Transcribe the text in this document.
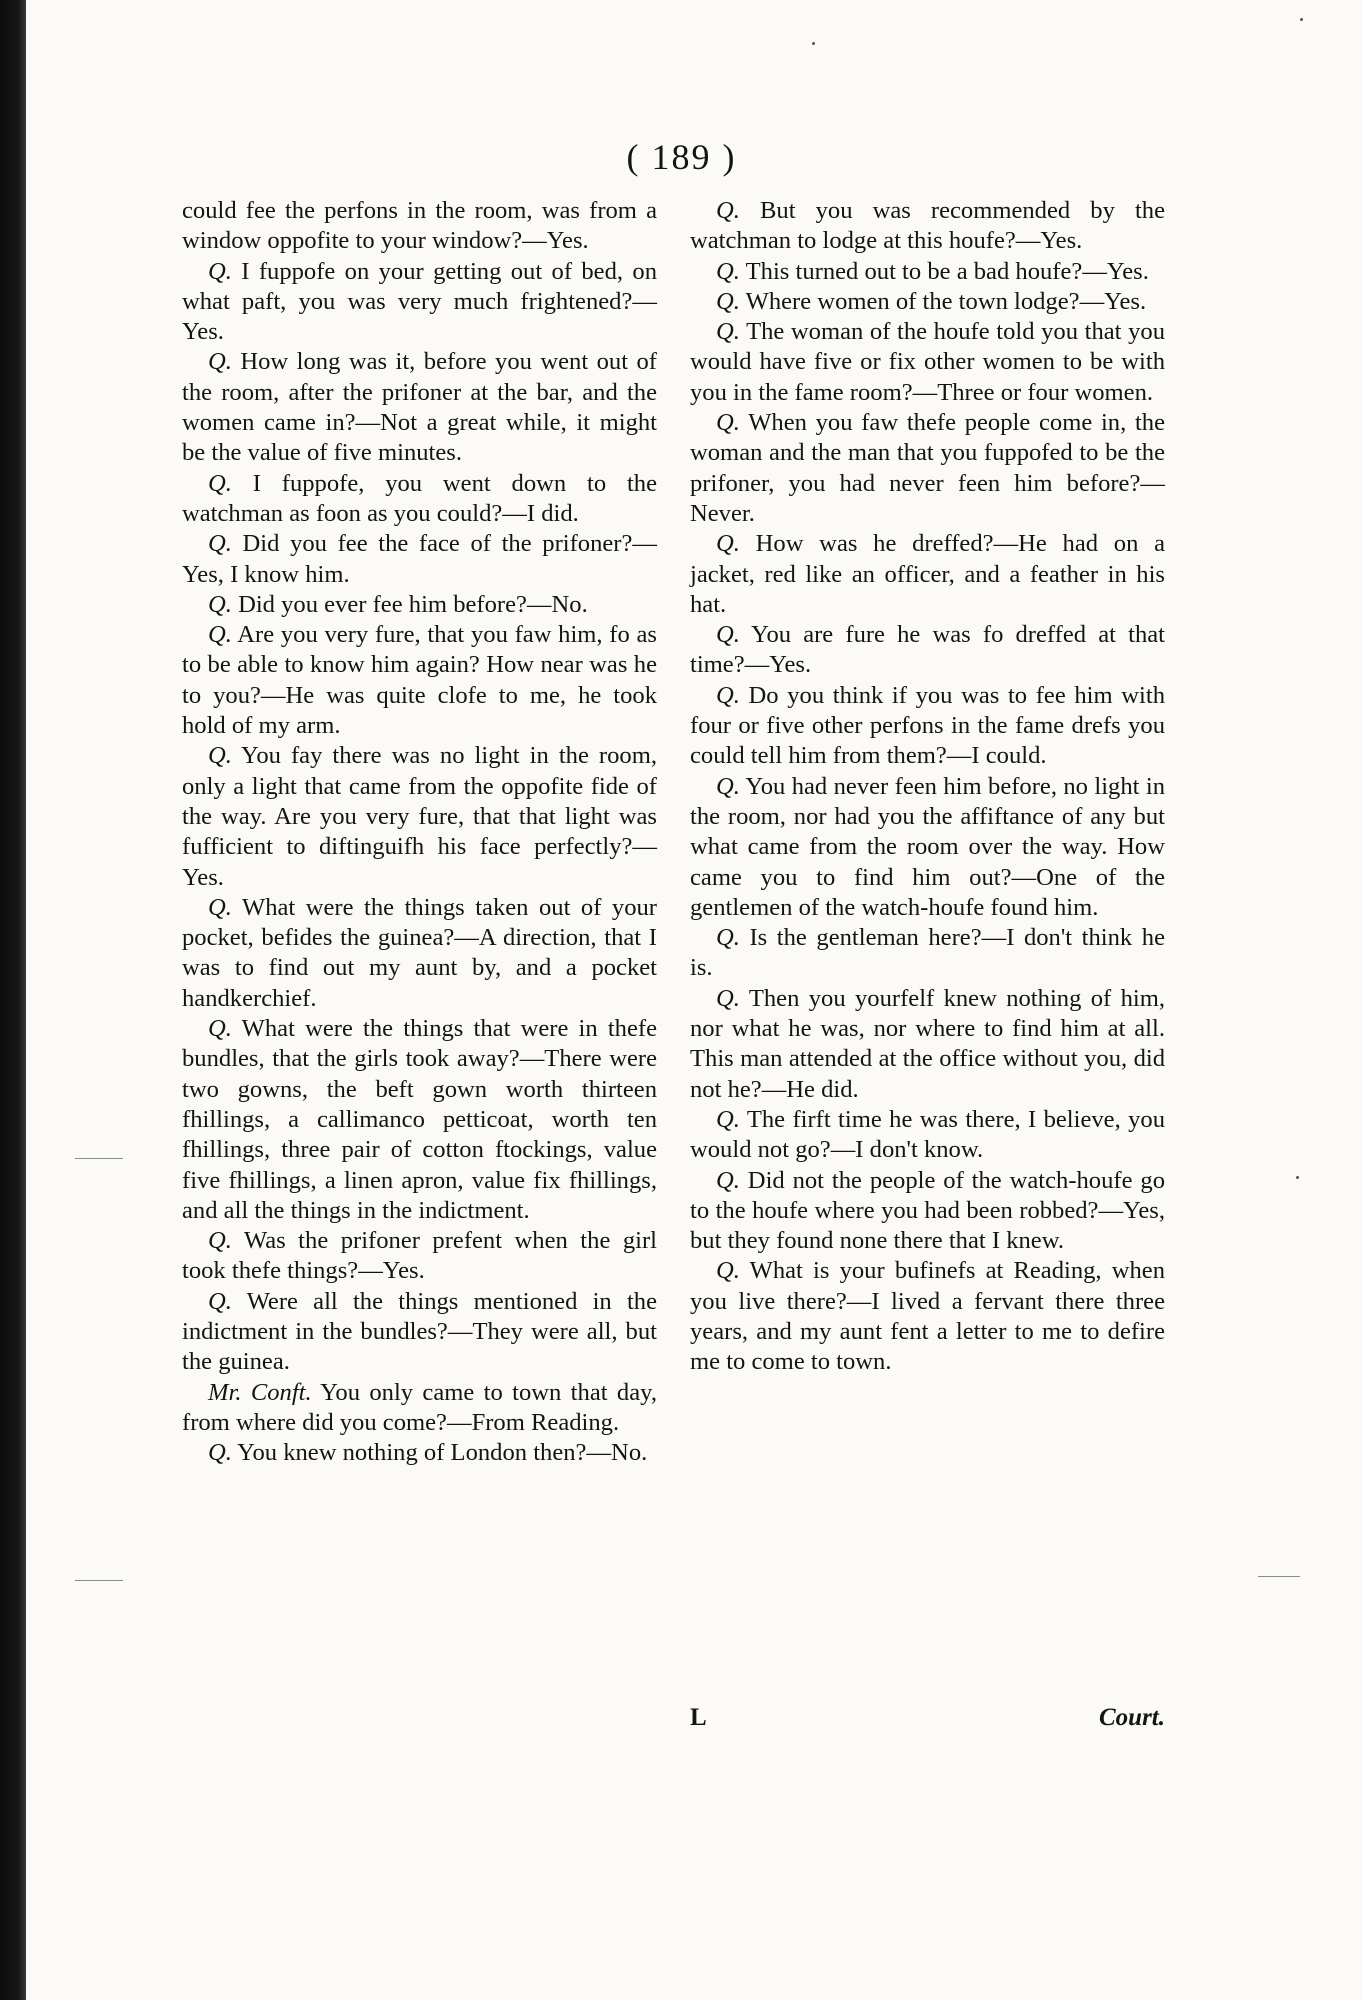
( 189 )

could fee the perfons in the room, was from a window oppofite to your window?—Yes.

Q. I fuppofe on your getting out of bed, on what paft, you was very much frightened?—Yes.

Q. How long was it, before you went out of the room, after the prifoner at the bar, and the women came in?—Not a great while, it might be the value of five minutes.

Q. I fuppofe, you went down to the watchman as foon as you could?—I did.

Q. Did you fee the face of the prifoner?—Yes, I know him.

Q. Did you ever fee him before?—No.

Q. Are you very fure, that you faw him, fo as to be able to know him again? How near was he to you?—He was quite clofe to me, he took hold of my arm.

Q. You fay there was no light in the room, only a light that came from the oppofite fide of the way. Are you very fure, that that light was fufficient to diftinguifh his face perfectly?—Yes.

Q. What were the things taken out of your pocket, befides the guinea?—A direction, that I was to find out my aunt by, and a pocket handkerchief.

Q. What were the things that were in thefe bundles, that the girls took away?—There were two gowns, the beft gown worth thirteen fhillings, a callimanco petticoat, worth ten fhillings, three pair of cotton ftockings, value five fhillings, a linen apron, value fix fhillings, and all the things in the indictment.

Q. Was the prifoner prefent when the girl took thefe things?—Yes.

Q. Were all the things mentioned in the indictment in the bundles?—They were all, but the guinea.

Mr. Conft. You only came to town that day, from where did you come?—From Reading.

Q. You knew nothing of London then?—No.

Q. But you was recommended by the watchman to lodge at this houfe?—Yes.

Q. This turned out to be a bad houfe?—Yes.

Q. Where women of the town lodge?—Yes.

Q. The woman of the houfe told you that you would have five or fix other women to be with you in the fame room?—Three or four women.

Q. When you faw thefe people come in, the woman and the man that you fuppofed to be the prifoner, you had never feen him before?—Never.

Q. How was he dreffed?—He had on a jacket, red like an officer, and a feather in his hat.

Q. You are fure he was fo dreffed at that time?—Yes.

Q. Do you think if you was to fee him with four or five other perfons in the fame drefs you could tell him from them?—I could.

Q. You had never feen him before, no light in the room, nor had you the affiftance of any but what came from the room over the way. How came you to find him out?—One of the gentlemen of the watch-houfe found him.

Q. Is the gentleman here?—I don't think he is.

Q. Then you yourfelf knew nothing of him, nor what he was, nor where to find him at all. This man attended at the office without you, did not he?—He did.

Q. The firft time he was there, I believe, you would not go?—I don't know.

Q. Did not the people of the watch-houfe go to the houfe where you had been robbed?—Yes, but they found none there that I knew.

Q. What is your bufinefs at Reading, when you live there?—I lived a fervant there three years, and my aunt fent a letter to me to defire me to come to town.

L	Court.
